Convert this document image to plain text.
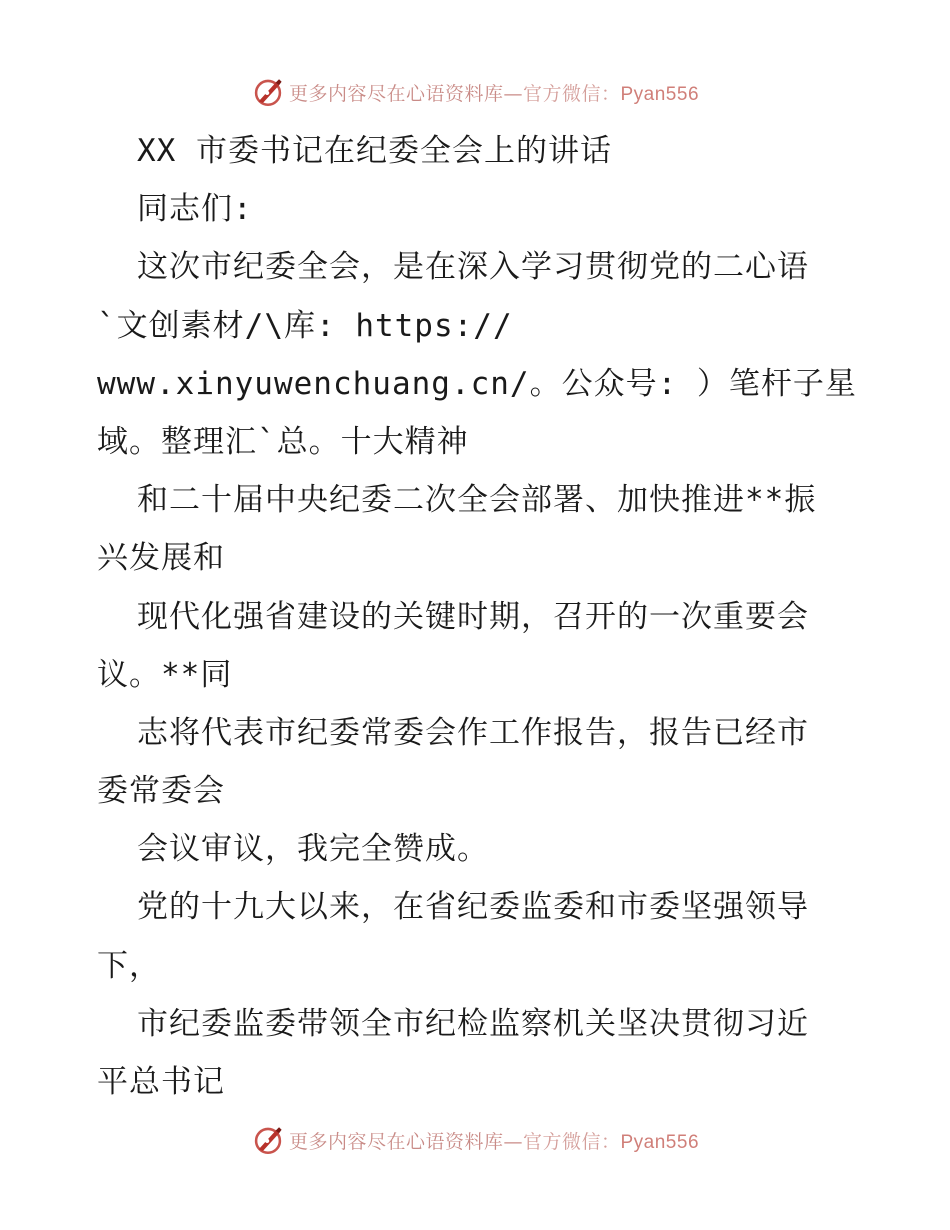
更多内容尽在心语资料库—官方微信：Pyan556
XX 市委书记在纪委全会上的讲话
同志们:
这次市纪委全会，是在深入学习贯彻党的二心语
`文创素材/\库: https://
www.xinyuwenchuang.cn/。公众号: ）笔杆子星
域。整理汇`总。十大精神
和二十届中央纪委二次全会部署、加快推进**振
兴发展和
现代化强省建设的关键时期，召开的一次重要会
议。**同
志将代表市纪委常委会作工作报告，报告已经市
委常委会
会议审议，我完全赞成。
党的十九大以来，在省纪委监委和市委坚强领导
下，
市纪委监委带领全市纪检监察机关坚决贯彻习近
平总书记
更多内容尽在心语资料库—官方微信：Pyan556
